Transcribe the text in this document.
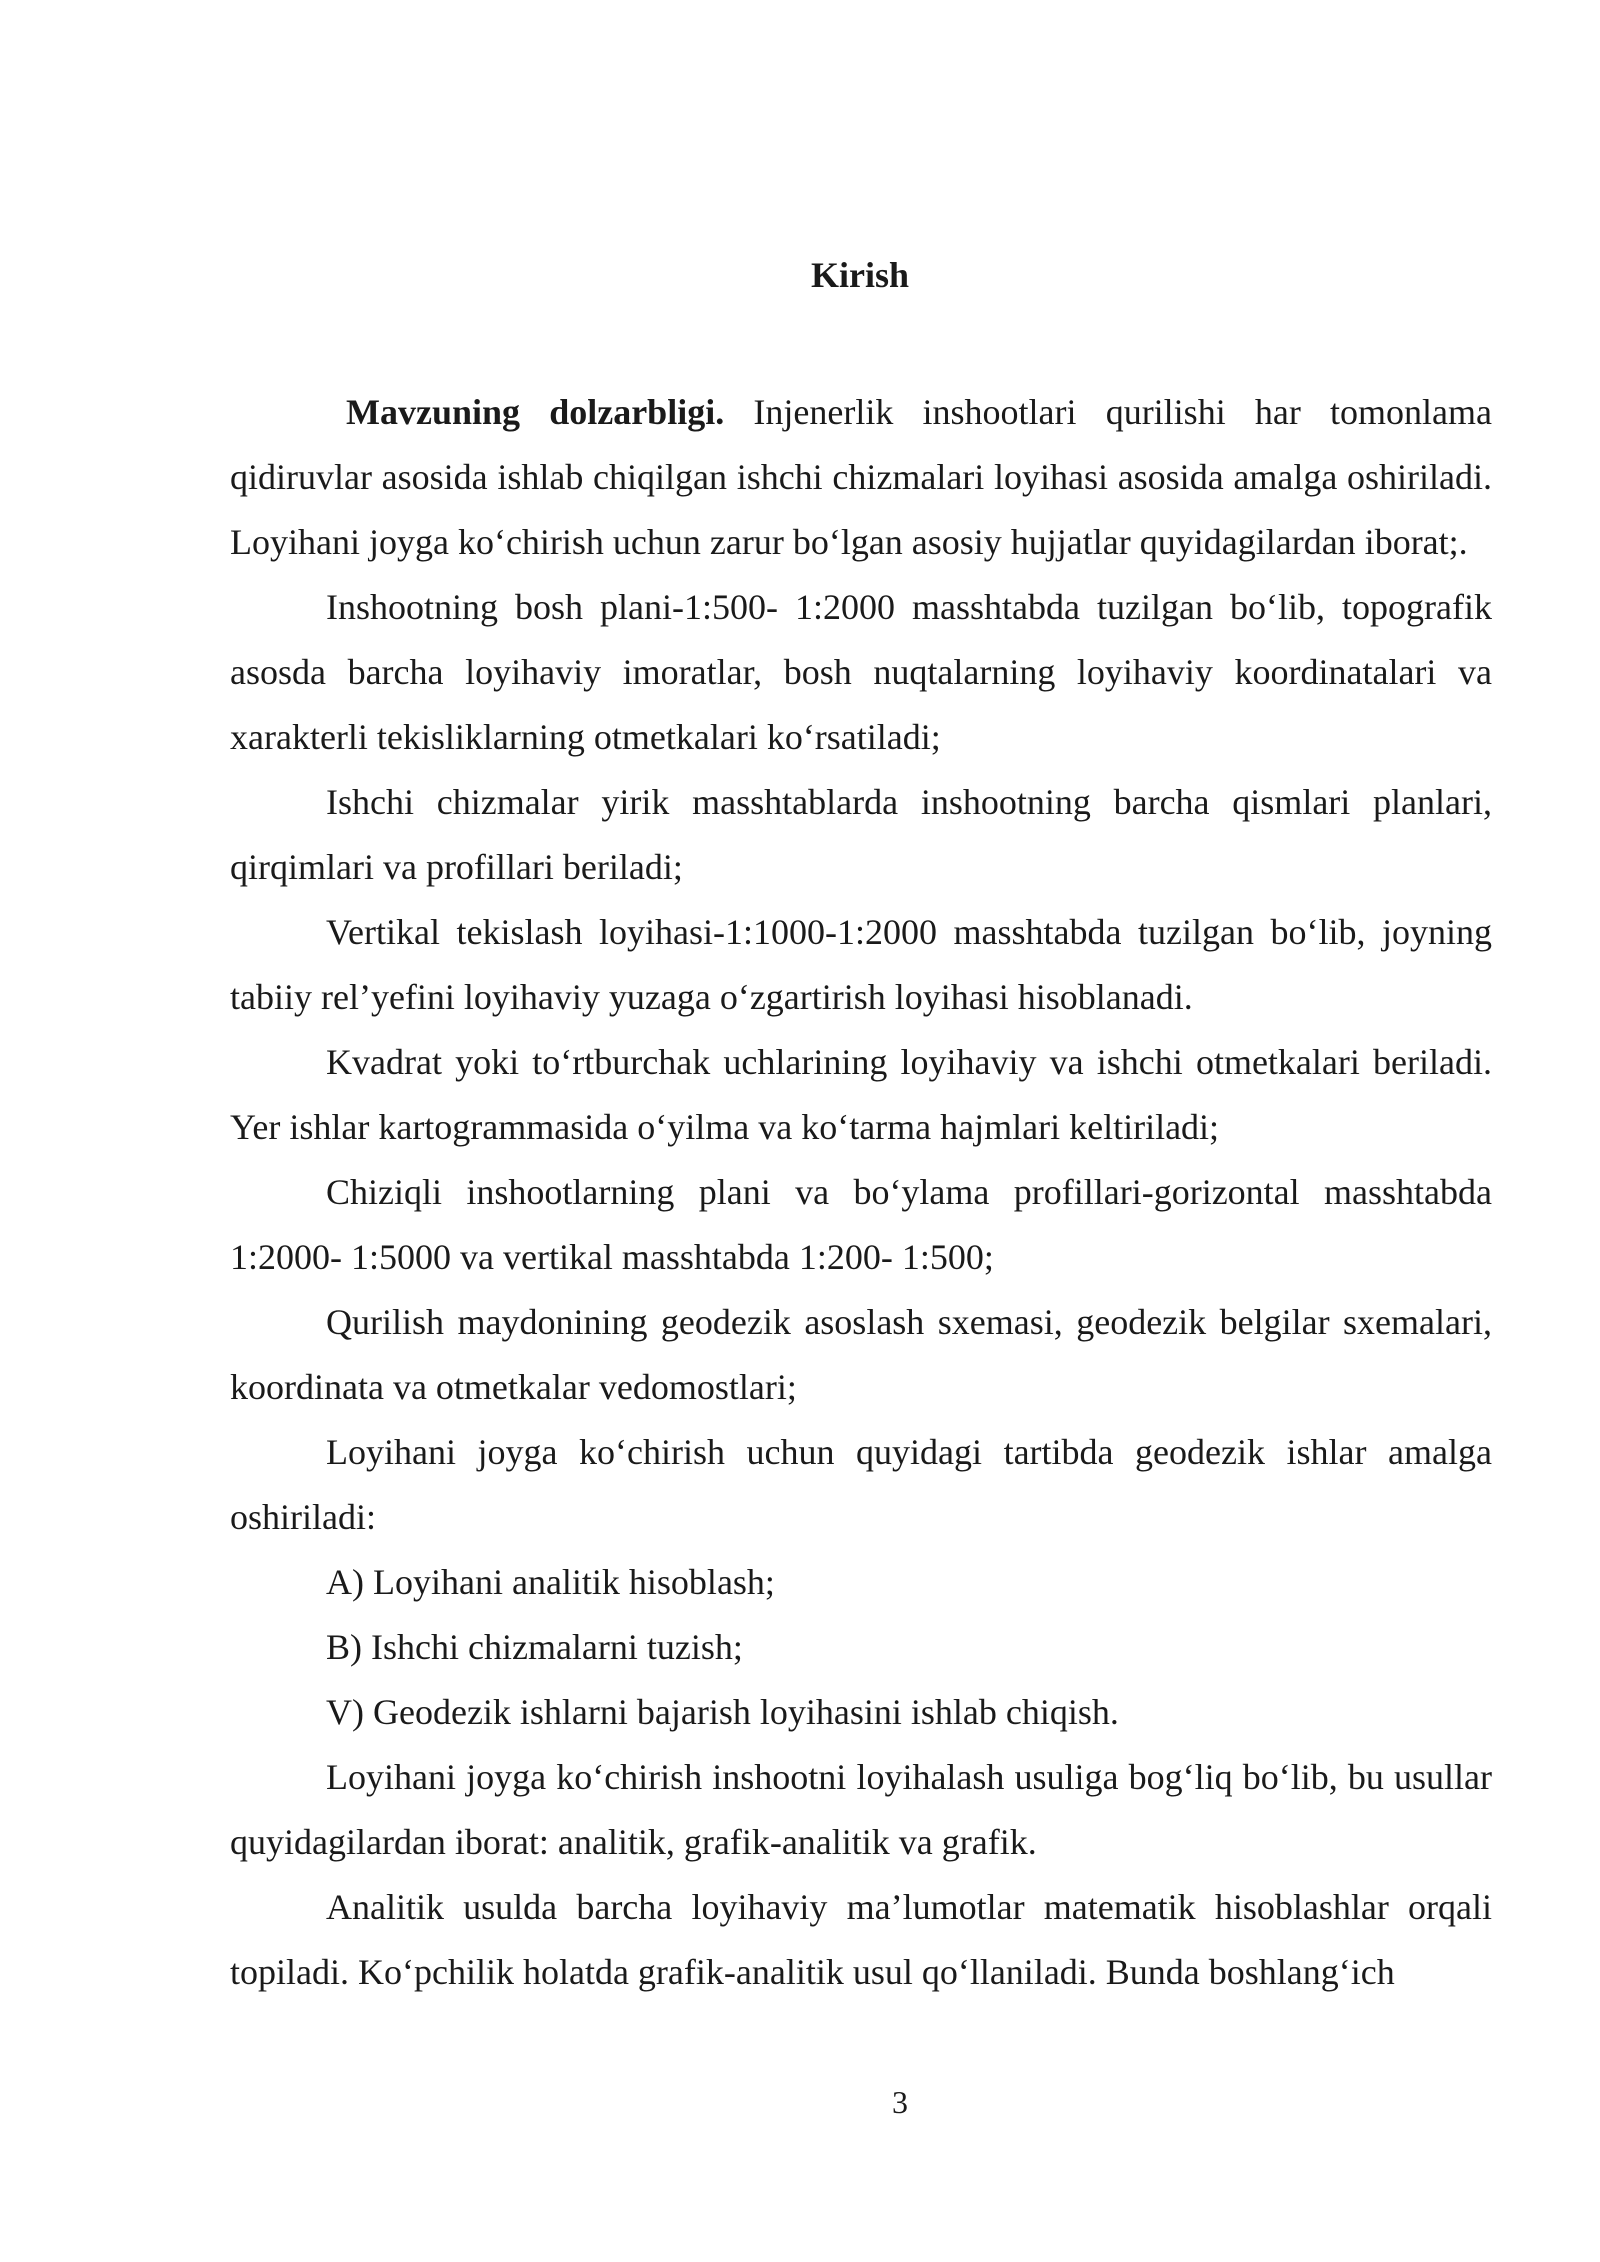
Kirish

Mavzuning dolzarbligi. Injenerlik inshootlari qurilishi har tomonlama qidiruvlar asosida ishlab chiqilgan ishchi chizmalari loyihasi asosida amalga oshiriladi. Loyihani joyga ko‘chirish uchun zarur bo‘lgan asosiy hujjatlar quyidagilardan iborat;.

Inshootning bosh plani-1:500- 1:2000 masshtabda tuzilgan bo‘lib, topografik asosda barcha loyihaviy imoratlar, bosh nuqtalarning loyihaviy koordinatalari va xarakterli tekisliklarning otmetkalari ko‘rsatiladi;

Ishchi chizmalar yirik masshtablarda inshootning barcha qismlari planlari, qirqimlari va profillari beriladi;

Vertikal tekislash loyihasi-1:1000-1:2000 masshtabda tuzilgan bo‘lib, joyning tabiiy rel’yefini loyihaviy yuzaga o‘zgartirish loyihasi hisoblanadi.

Kvadrat yoki to‘rtburchak uchlarining loyihaviy va ishchi otmetkalari beriladi. Yer ishlar kartogrammasida o‘yilma va ko‘tarma hajmlari keltiriladi;

Chiziqli inshootlarning plani va bo‘ylama profillari-gorizontal masshtabda 1:2000- 1:5000 va vertikal masshtabda 1:200- 1:500;

Qurilish maydonining geodezik asoslash sxemasi, geodezik belgilar sxemalari, koordinata va otmetkalar vedomostlari;

Loyihani joyga ko‘chirish uchun quyidagi tartibda geodezik ishlar amalga oshiriladi:

A) Loyihani analitik hisoblash;

B) Ishchi chizmalarni tuzish;

V) Geodezik ishlarni bajarish loyihasini ishlab chiqish.

Loyihani joyga ko‘chirish inshootni loyihalash usuliga bog‘liq bo‘lib, bu usullar quyidagilardan iborat: analitik, grafik-analitik va grafik.

Analitik usulda barcha loyihaviy ma’lumotlar matematik hisoblashlar orqali topiladi. Ko‘pchilik holatda grafik-analitik usul qo‘llaniladi. Bunda boshlang‘ich

3
